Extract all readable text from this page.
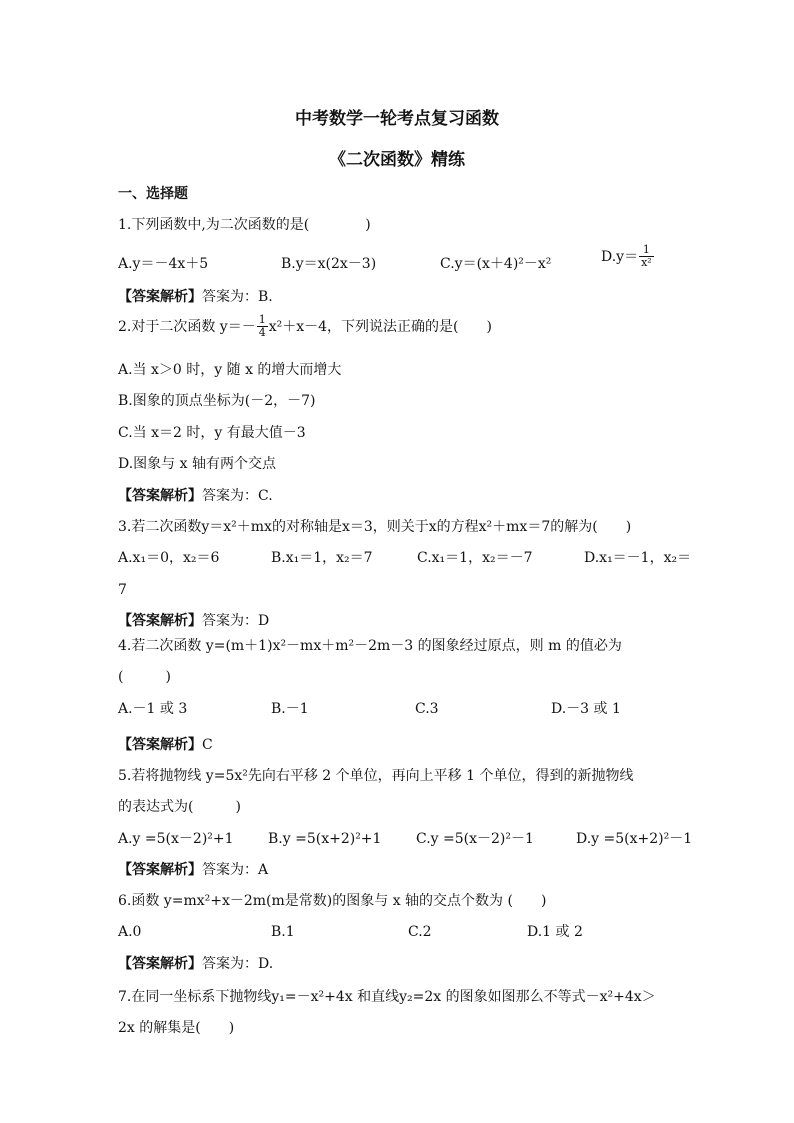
中考数学一轮考点复习函数
《二次函数》精练
一、选择题
1.下列函数中,为二次函数的是(　　　　)
A.y＝－4x＋5	B.y＝x(2x－3)	C.y＝(x＋4)²－x²	$D.y= \frac{1}{\text{x²}}$
【答案解析】答案为：B.
2.对于二次函数 $y=- \frac{1}{4} x^2+x-4$，下列说法正确的是(　　)
A.当 x＞0 时，y 随 x 的增大而增大
B.图象的顶点坐标为(－2，－7)
C.当 x＝2 时，y 有最大值－3
D.图象与 x 轴有两个交点
【答案解析】答案为：C.
3.若二次函数y＝x²＋mx的对称轴是x＝3，则关于x的方程x²＋mx＝7的解为(　　)
A.x₁＝0，x₂＝6	B.x₁＝1，x₂＝7	C.x₁＝1，x₂＝－7	D.x₁＝－1，x₂＝
7
【答案解析】答案为：D
4.若二次函数 y=(m＋1)x²－mx＋m²－2m－3 的图象经过原点，则 m 的值必为
(　　　)
A.－1 或 3	B.－1	C.3	D.－3 或 1
【答案解析】C
5.若将抛物线 y=5x²先向右平移 2 个单位，再向上平移 1 个单位，得到的新抛物线
的表达式为(　　　)
A.y =5(x－2)²+1 B.y =5(x+2)²+1 C.y =5(x－2)²－1	D.y =5(x+2)²－1
【答案解析】答案为：A
6.函数 y=mx²+x－2m(m是常数)的图象与 x 轴的交点个数为 (　　)
A.0	B.1	C.2	D.1 或 2
【答案解析】答案为：D.
7.在同一坐标系下抛物线y₁=－x²+4x 和直线y₂=2x 的图象如图那么不等式－x²+4x＞
2x 的解集是(　　)
